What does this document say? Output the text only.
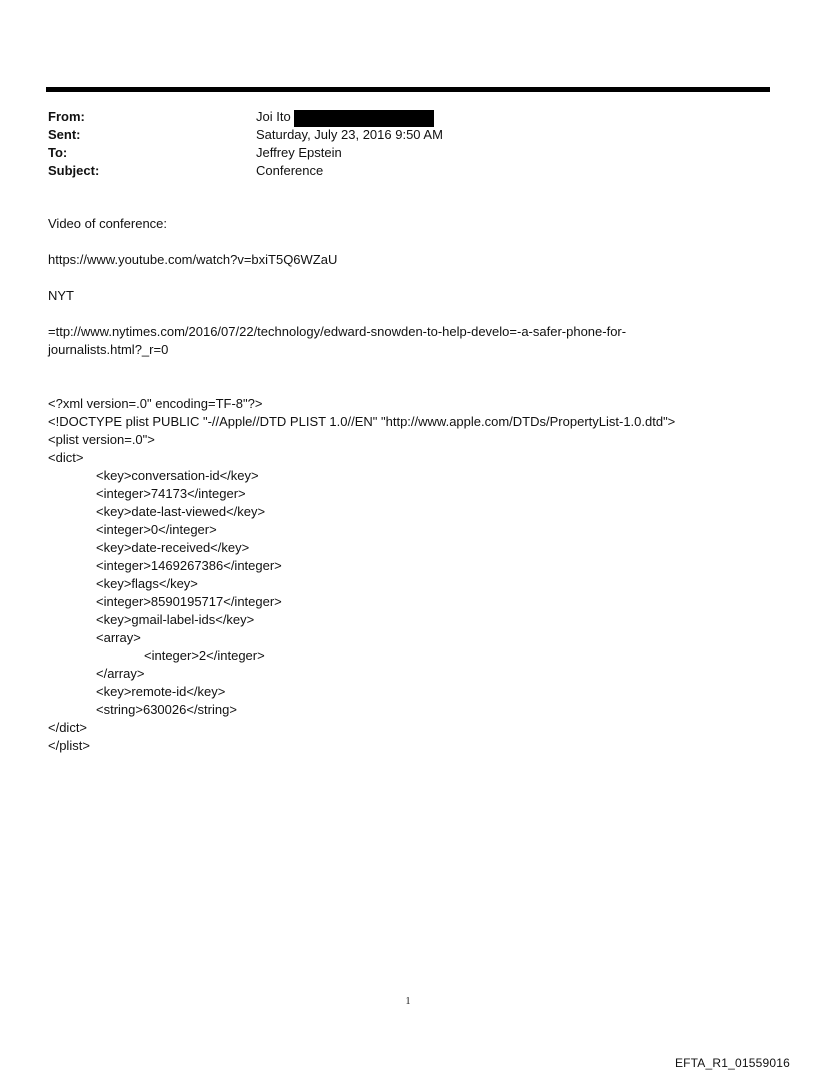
From:	Joi Ito
Sent:	Saturday, July 23, 2016 9:50 AM
To:	Jeffrey Epstein
Subject:	Conference

Video of conference:

https://www.youtube.com/watch?v=bxiT5Q6WZaU

NYT

=ttp://www.nytimes.com/2016/07/22/technology/edward-snowden-to-help-develo=-a-safer-phone-for-

journalists.html?_r=0

<?xml version=.0" encoding=TF-8"?>
<!DOCTYPE plist PUBLIC "-//Apple//DTD PLIST 1.0//EN" "http://www.apple.com/DTDs/PropertyList-1.0.dtd">
<plist version=.0">
<dict>
<key>conversation-id</key>
<integer>74173</integer>
<key>date-last-viewed</key>
<integer>0</integer>
<key>date-received</key>
<integer>1469267386</integer>
<key>flags</key>
<integer>8590195717</integer>
<key>gmail-label-ids</key>
<array>
<integer>2</integer>
</array>
<key>remote-id</key>
<string>630026</string>
</dict>
</plist>
1
EFTA_R1_01559016
